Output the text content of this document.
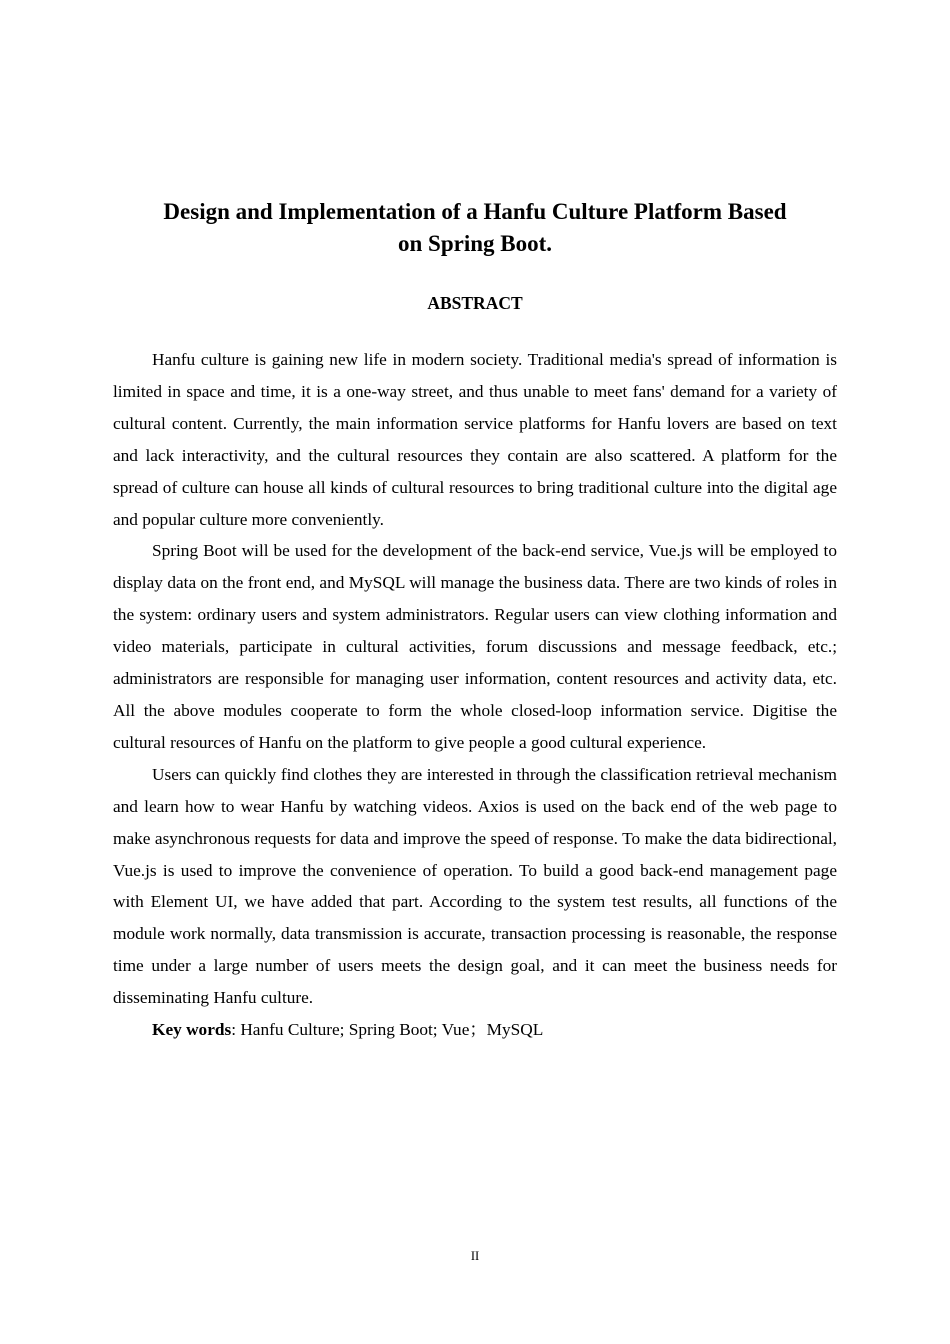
Design and Implementation of a Hanfu Culture Platform Based
on Spring Boot.
ABSTRACT

Hanfu culture is gaining new life in modern society. Traditional media's spread of information is limited in space and time, it is a one-way street, and thus unable to meet fans' demand for a variety of cultural content. Currently, the main information service platforms for Hanfu lovers are based on text and lack interactivity, and the cultural resources they contain are also scattered. A platform for the spread of culture can house all kinds of cultural resources to bring traditional culture into the digital age and popular culture more conveniently.

Spring Boot will be used for the development of the back-end service, Vue.js will be employed to display data on the front end, and MySQL will manage the business data. There are two kinds of roles in the system: ordinary users and system administrators. Regular users can view clothing information and video materials, participate in cultural activities, forum discussions and message feedback, etc.; administrators are responsible for managing user information, content resources and activity data, etc. All the above modules cooperate to form the whole closed-loop information service. Digitise the cultural resources of Hanfu on the platform to give people a good cultural experience.

Users can quickly find clothes they are interested in through the classification retrieval mechanism and learn how to wear Hanfu by watching videos. Axios is used on the back end of the web page to make asynchronous requests for data and improve the speed of response. To make the data bidirectional, Vue.js is used to improve the convenience of operation. To build a good back-end management page with Element UI, we have added that part. According to the system test results, all functions of the module work normally, data transmission is accurate, transaction processing is reasonable, the response time under a large number of users meets the design goal, and it can meet the business needs for disseminating Hanfu culture.

Key words: Hanfu Culture; Spring Boot; Vue；MySQL

II
